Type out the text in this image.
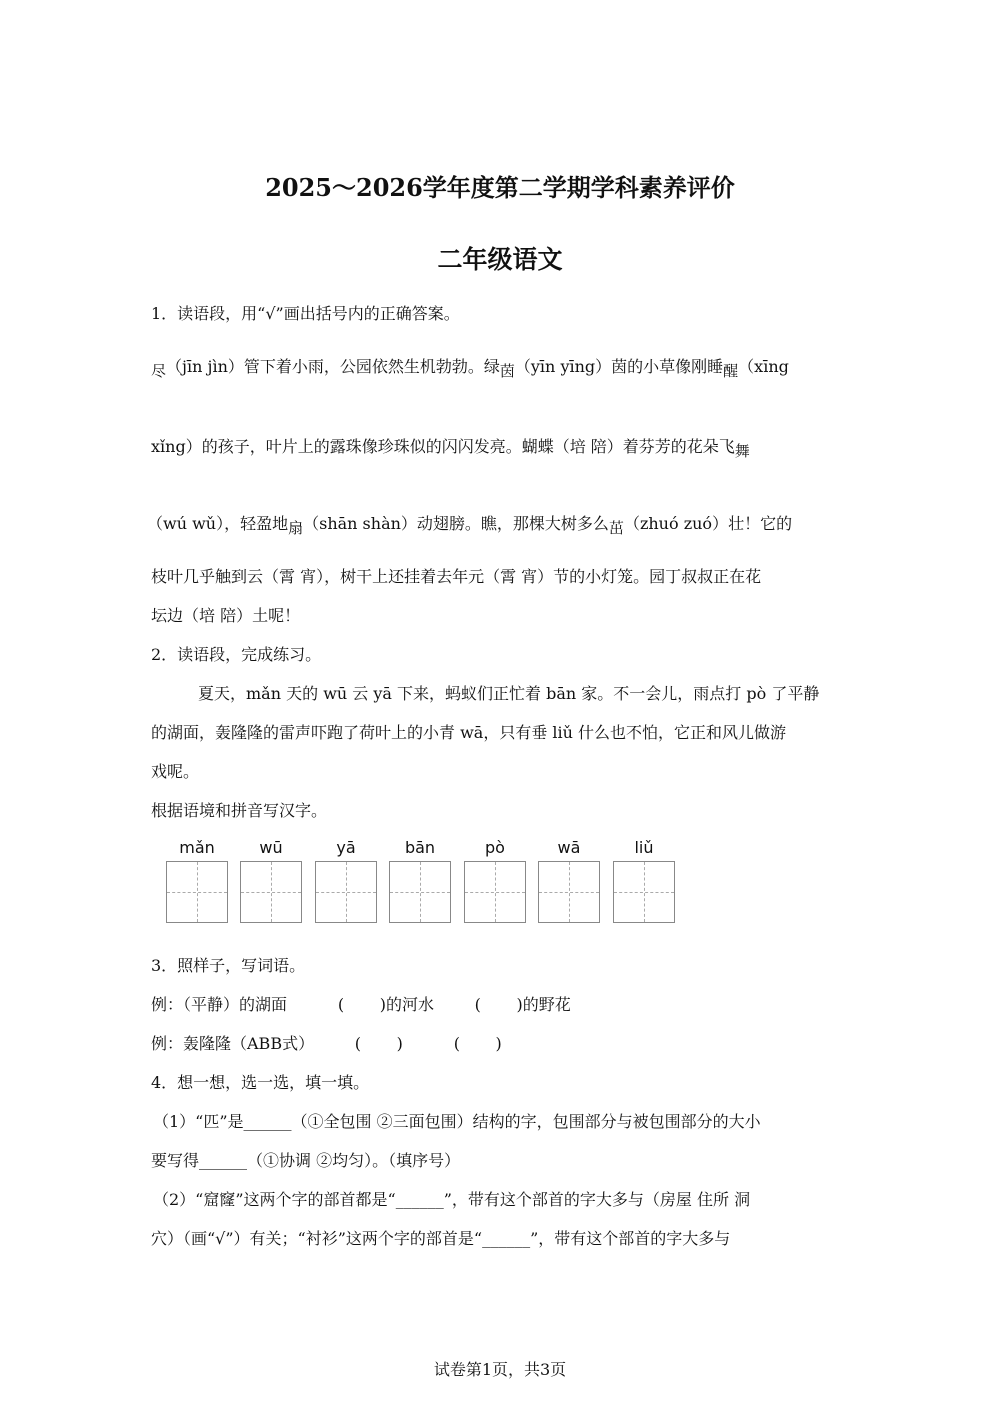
2025～2026学年度第二学期学科素养评价
二年级语文
1．读语段，用“√”画出括号内的正确答案。
尽（jīn jìn）管下着小雨，公园依然生机勃勃。绿茵（yīn yīng）茵的小草像刚睡醒（xīng
xǐng）的孩子，叶片上的露珠像珍珠似的闪闪发亮。蝴蝶（培 陪）着芬芳的花朵飞舞
（wú wǔ），轻盈地扇（shān shàn）动翅膀。瞧，那棵大树多么茁（zhuó zuó）壮！它的
枝叶几乎触到云（霄 宵），树干上还挂着去年元（霄 宵）节的小灯笼。园丁叔叔正在花
坛边（培 陪）土呢！
2．读语段，完成练习。
夏天，mǎn 天的 wū 云 yā 下来，蚂蚁们正忙着 bān 家。不一会儿，雨点打 pò 了平静
的湖面，轰隆隆的雷声吓跑了荷叶上的小青 wā，只有垂 liǔ 什么也不怕，它正和风儿做游
戏呢。
根据语境和拼音写汉字。
mǎn	wū	yā	bān	pò	wā	liǔ
3．照样子，写词语。
例：（平静）的湖面          (       )的河水        (       )的野花
例：轰隆隆（ABB式）        (       )          (       )
4．想一想，选一选，填一填。
（1）“匹”是______（①全包围 ②三面包围）结构的字，包围部分与被包围部分的大小
要写得______（①协调 ②均匀）。（填序号）
（2）“窟窿”这两个字的部首都是“______”，带有这个部首的字大多与（房屋 住所 洞
穴）（画“√”）有关；“衬衫”这两个字的部首是“______”，带有这个部首的字大多与
试卷第1页，共3页
